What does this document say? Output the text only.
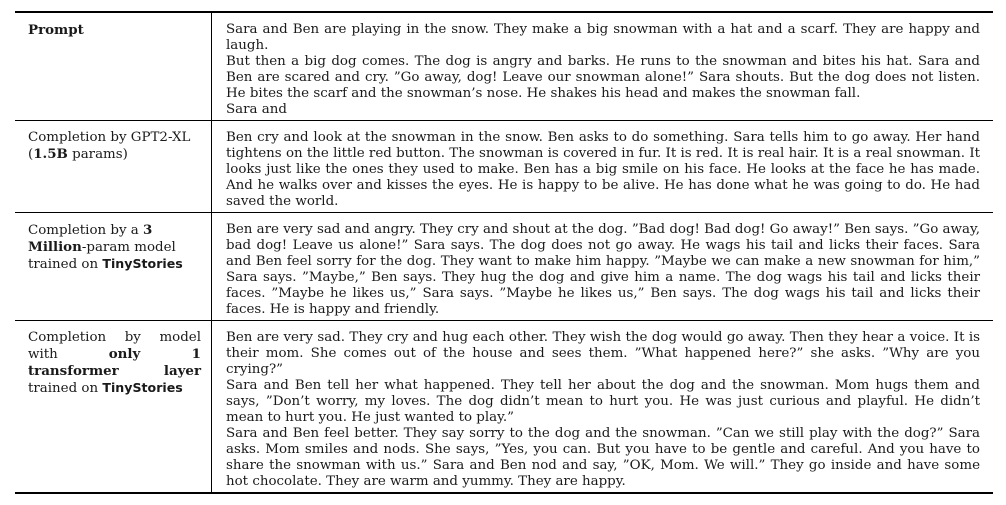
Prompt	Sara and Ben are playing in the snow. They make a big snowman with a hat and a scarf. They are happy and laugh.

But then a big dog comes. The dog is angry and barks. He runs to the snowman and bites his hat. Sara and Ben are scared and cry. ”Go away, dog! Leave our snowman alone!” Sara shouts. But the dog does not listen. He bites the scarf and the snowman’s nose. He shakes his head and makes the snowman fall.

Sara and

Completion by GPT2-XL (1.5B params)

Ben cry and look at the snowman in the snow. Ben asks to do something. Sara tells him to go away. Her hand tightens on the little red button. The snowman is covered in fur. It is red. It is real hair. It is a real snowman. It looks just like the ones they used to make. Ben has a big smile on his face. He looks at the face he has made. And he walks over and kisses the eyes. He is happy to be alive. He has done what he was going to do. He had saved the world.

Completion by a 3 Million-param model trained on TinyStories

Ben are very sad and angry. They cry and shout at the dog. ”Bad dog! Bad dog! Go away!” Ben says. ”Go away, bad dog! Leave us alone!” Sara says. The dog does not go away. He wags his tail and licks their faces. Sara and Ben feel sorry for the dog. They want to make him happy. ”Maybe we can make a new snowman for him,” Sara says. ”Maybe,” Ben says. They hug the dog and give him a name. The dog wags his tail and licks their faces. ”Maybe he likes us,” Sara says. ”Maybe he likes us,” Ben says. The dog wags his tail and licks their faces. He is happy and friendly.

Completion by model with only 1 transformer layer trained on TinyStories

Ben are very sad. They cry and hug each other. They wish the dog would go away. Then they hear a voice. It is their mom. She comes out of the house and sees them. ”What happened here?” she asks. ”Why are you crying?”

Sara and Ben tell her what happened. They tell her about the dog and the snowman. Mom hugs them and says, ”Don’t worry, my loves. The dog didn’t mean to hurt you. He was just curious and playful. He didn’t mean to hurt you. He just wanted to play.”

Sara and Ben feel better. They say sorry to the dog and the snowman. ”Can we still play with the dog?” Sara asks. Mom smiles and nods. She says, ”Yes, you can. But you have to be gentle and careful. And you have to share the snowman with us.” Sara and Ben nod and say, ”OK, Mom. We will.” They go inside and have some hot chocolate. They are warm and yummy. They are happy.
